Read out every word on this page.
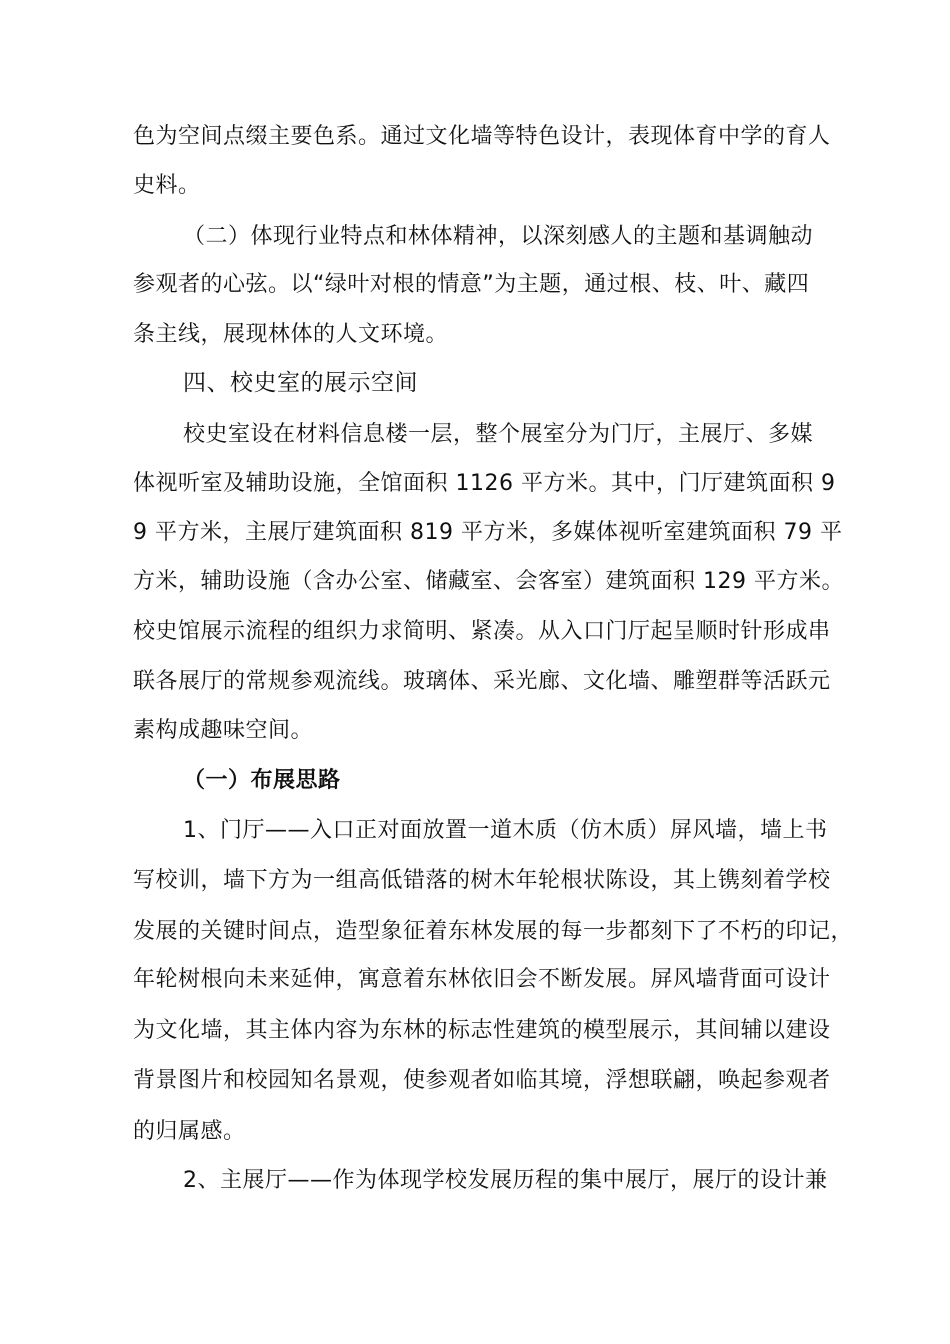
色为空间点缀主要色系。通过文化墙等特色设计，表现体育中学的育人
史料。
（二）体现行业特点和林体精神，以深刻感人的主题和基调触动
参观者的心弦。以“绿叶对根的情意”为主题，通过根、枝、叶、藏四
条主线，展现林体的人文环境。
四、校史室的展示空间
校史室设在材料信息楼一层，整个展室分为门厅，主展厅、多媒
体视听室及辅助设施，全馆面积 1126 平方米。其中，门厅建筑面积 9
9 平方米，主展厅建筑面积 819 平方米，多媒体视听室建筑面积 79 平
方米，辅助设施（含办公室、储藏室、会客室）建筑面积 129 平方米。
校史馆展示流程的组织力求简明、紧凑。从入口门厅起呈顺时针形成串
联各展厅的常规参观流线。玻璃体、采光廊、文化墙、雕塑群等活跃元
素构成趣味空间。
（一）布展思路
1、门厅——入口正对面放置一道木质（仿木质）屏风墙，墙上书
写校训，墙下方为一组高低错落的树木年轮根状陈设，其上镌刻着学校
发展的关键时间点，造型象征着东林发展的每一步都刻下了不朽的印记，
年轮树根向未来延伸，寓意着东林依旧会不断发展。屏风墙背面可设计
为文化墙，其主体内容为东林的标志性建筑的模型展示，其间辅以建设
背景图片和校园知名景观，使参观者如临其境，浮想联翩，唤起参观者
的归属感。
2、主展厅——作为体现学校发展历程的集中展厅，展厅的设计兼
